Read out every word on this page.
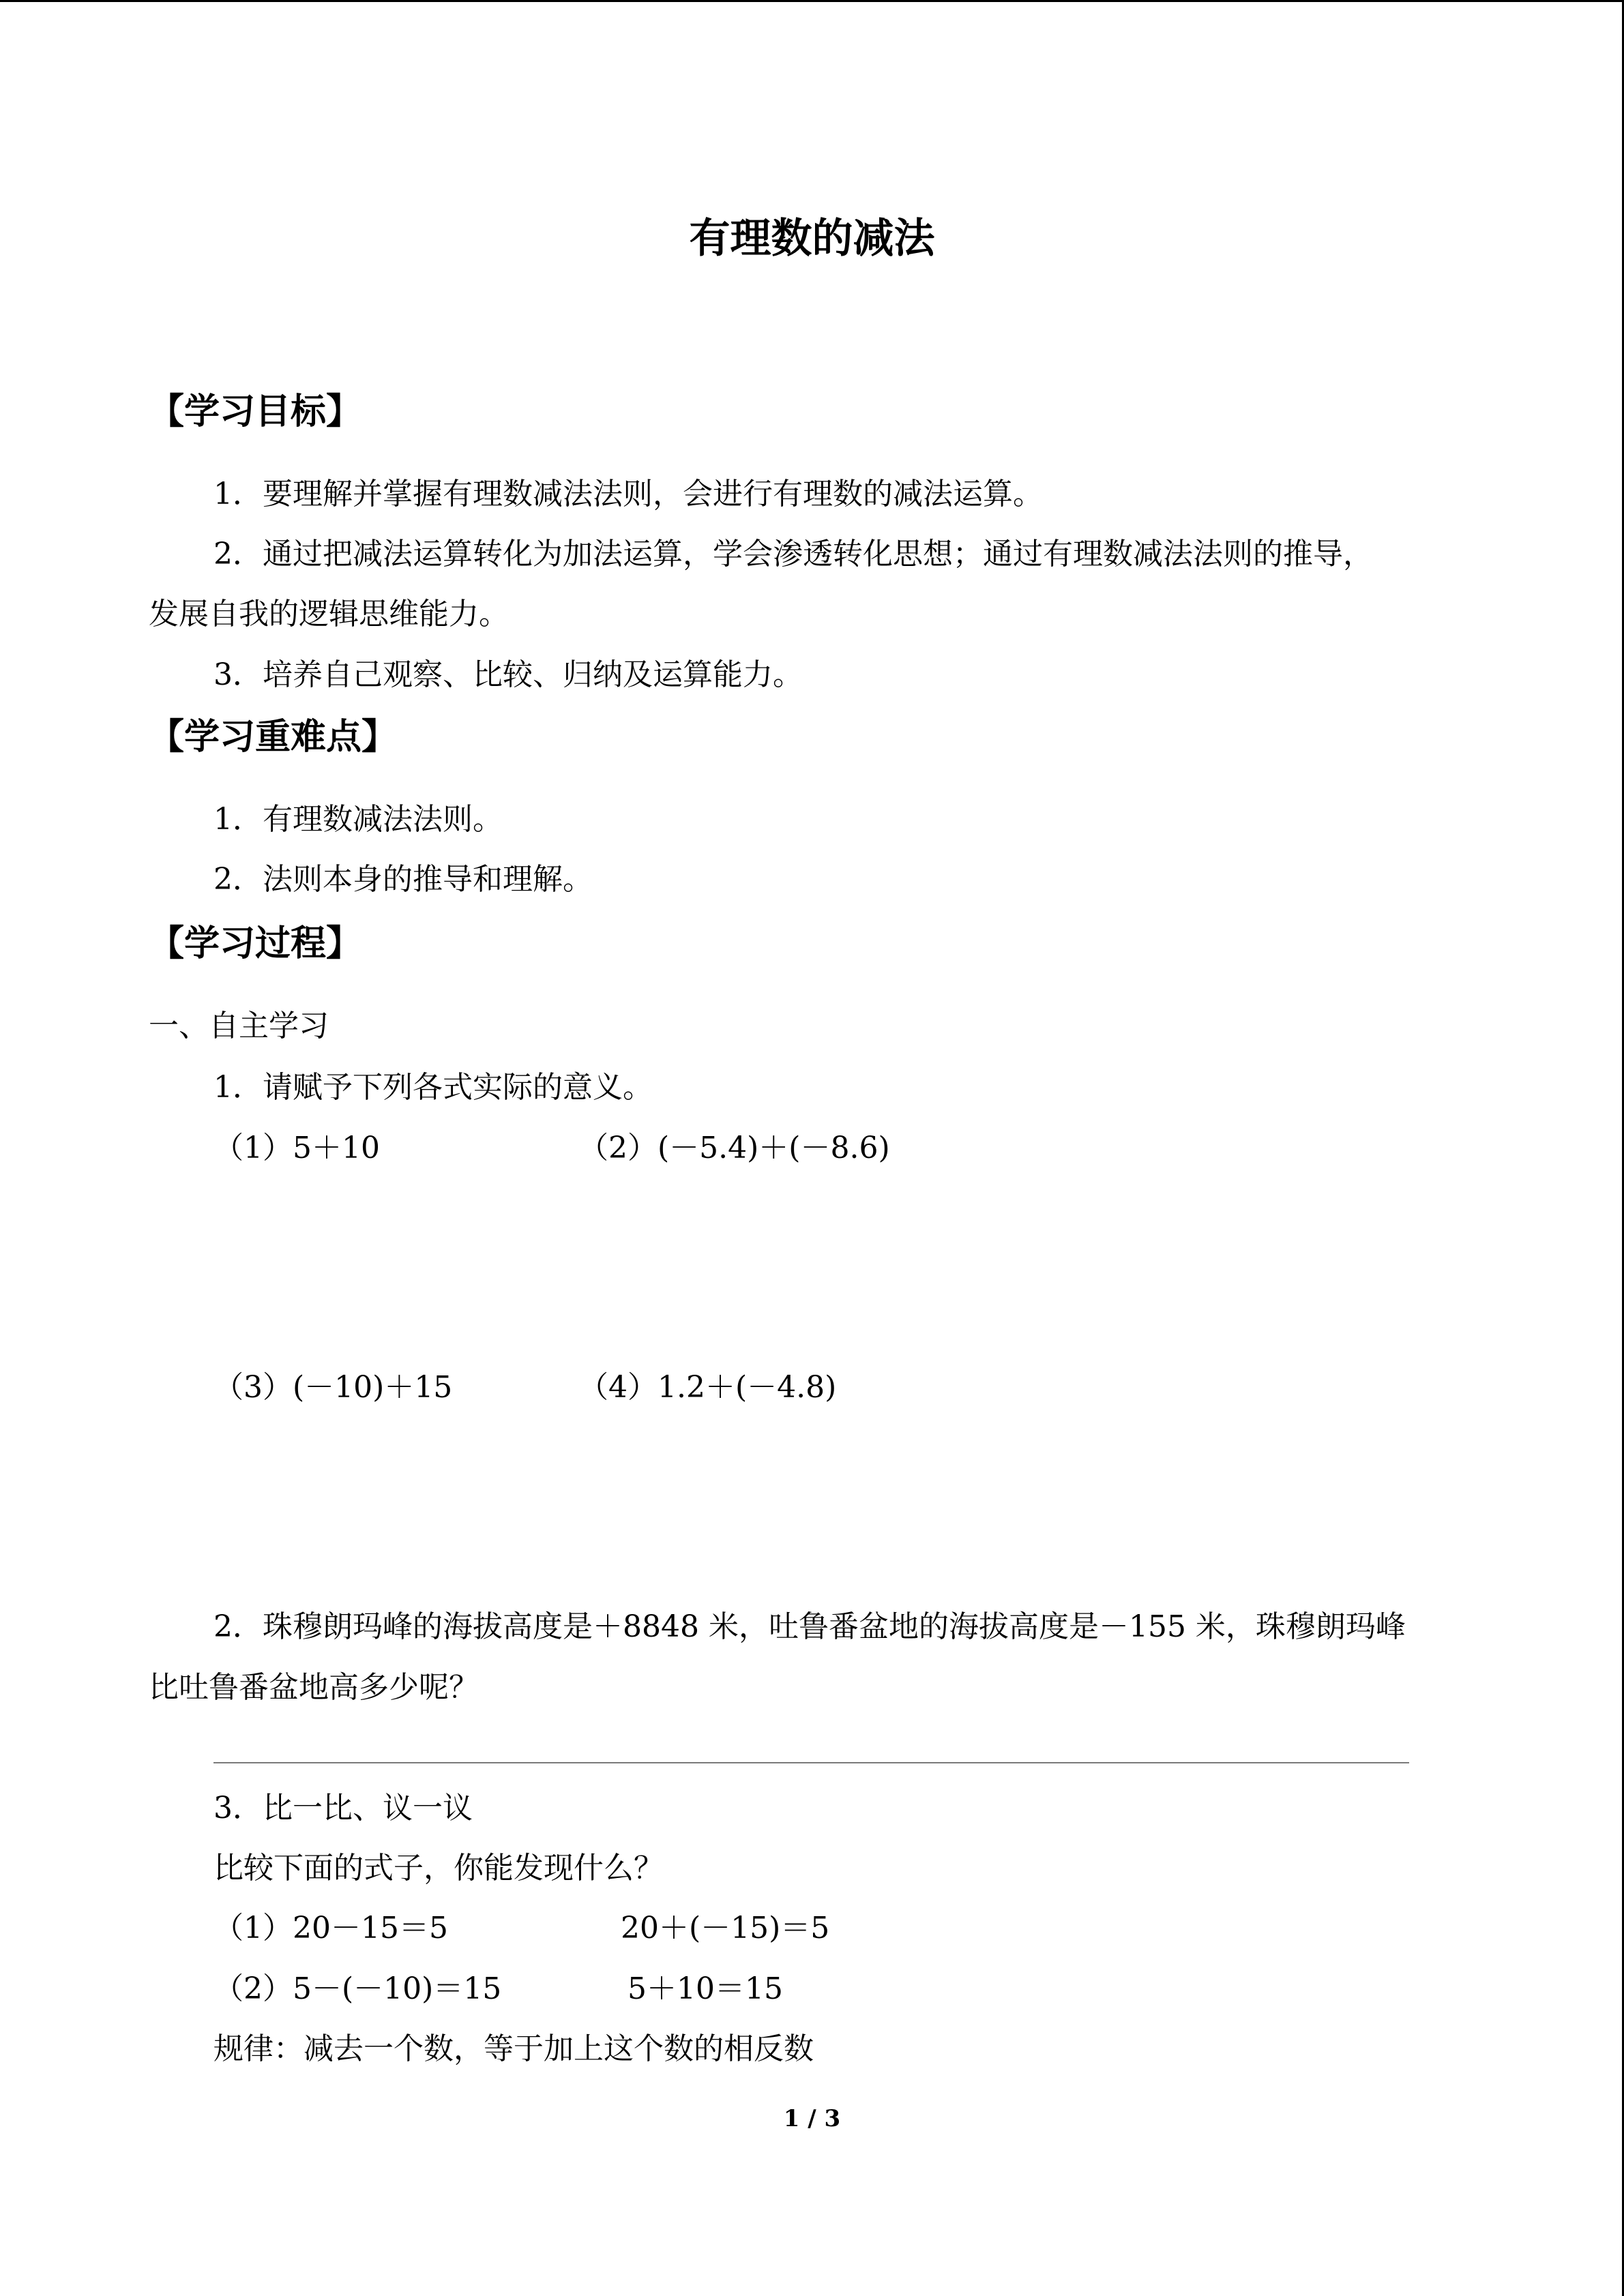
有理数的减法
【学习目标】
1．要理解并掌握有理数减法法则，会进行有理数的减法运算。
2．通过把减法运算转化为加法运算，学会渗透转化思想；通过有理数减法法则的推导，
发展自我的逻辑思维能力。
3．培养自己观察、比较、归纳及运算能力。
【学习重难点】
1．有理数减法法则。
2．法则本身的推导和理解。
【学习过程】
一、自主学习
1．请赋予下列各式实际的意义。
（1）5＋10	（2）(－5.4)＋(－8.6)
（3）(－10)＋15	（4）1.2＋(－4.8)
2．珠穆朗玛峰的海拔高度是＋8848 米，吐鲁番盆地的海拔高度是－155 米，珠穆朗玛峰
比吐鲁番盆地高多少呢？
3．比一比、议一议
比较下面的式子，你能发现什么？
（1）20－15＝5	20＋(－15)＝5
（2）5－(－10)＝15	5＋10＝15
规律：减去一个数，等于加上这个数的相反数
1 / 3
